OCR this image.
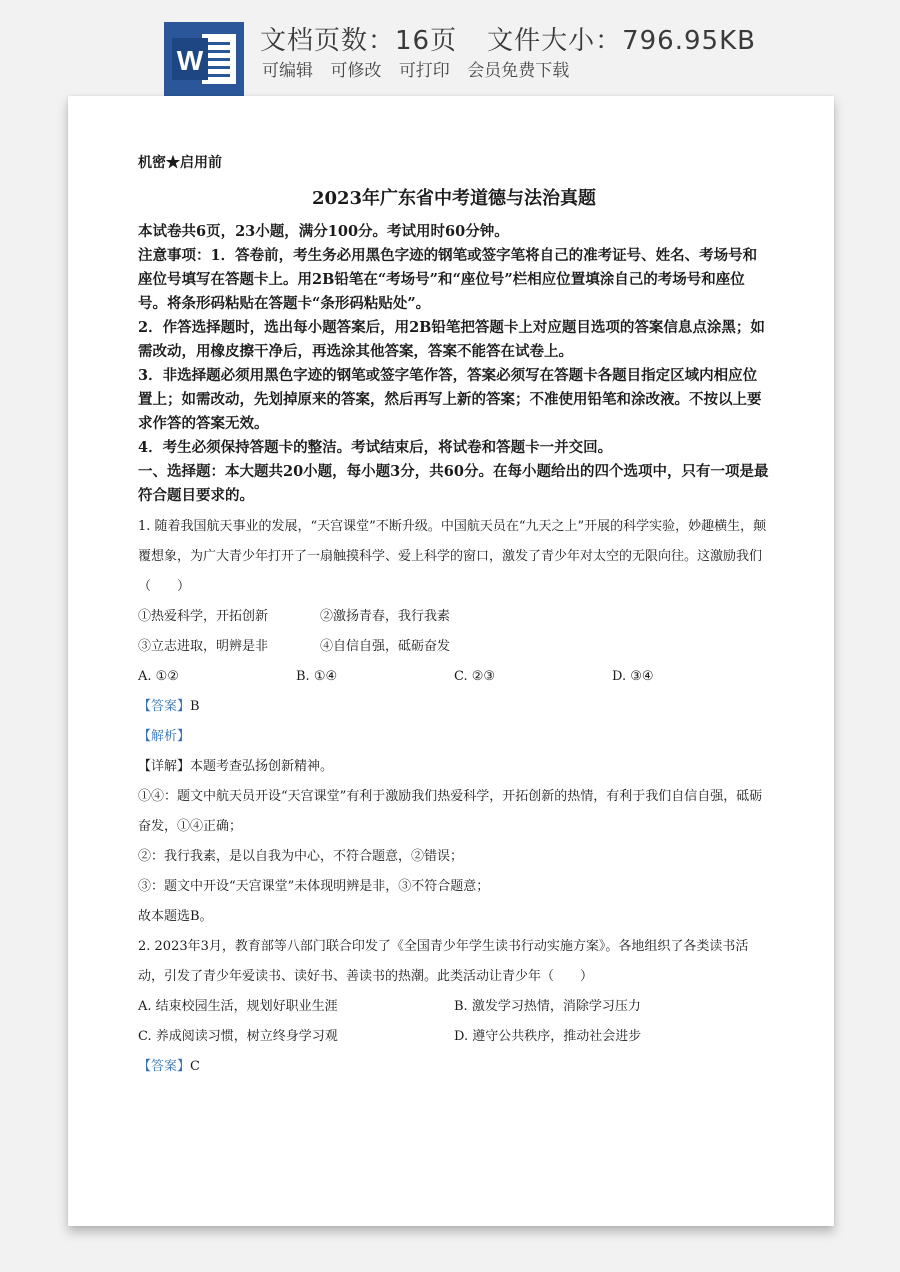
W
文档页数：16页 文件大小：796.95KB
可编辑 可修改 可打印 会员免费下载

机密★启用前

2023年广东省中考道德与法治真题

本试卷共6页，23小题，满分100分。考试用时60分钟。

注意事项：1．答卷前，考生务必用黑色字迹的钢笔或签字笔将自己的准考证号、姓名、考场号和座位号填写在答题卡上。用2B铅笔在“考场号”和“座位号”栏相应位置填涂自己的考场号和座位号。将条形码粘贴在答题卡“条形码粘贴处”。

2．作答选择题时，选出每小题答案后，用2B铅笔把答题卡上对应题目选项的答案信息点涂黑；如需改动，用橡皮擦干净后，再选涂其他答案，答案不能答在试卷上。

3．非选择题必须用黑色字迹的钢笔或签字笔作答，答案必须写在答题卡各题目指定区域内相应位置上；如需改动，先划掉原来的答案，然后再写上新的答案；不准使用铅笔和涂改液。不按以上要求作答的答案无效。

4．考生必须保持答题卡的整洁。考试结束后，将试卷和答题卡一并交回。

一、选择题：本大题共20小题，每小题3分，共60分。在每小题给出的四个选项中，只有一项是最符合题目要求的。

1. 随着我国航天事业的发展，“天宫课堂”不断升级。中国航天员在“九天之上”开展的科学实验，妙趣横生，颠覆想象，为广大青少年打开了一扇触摸科学、爱上科学的窗口，激发了青少年对太空的无限向往。这激励我们（　　）

①热爱科学，开拓创新	②激扬青春，我行我素
③立志进取，明辨是非	④自信自强，砥砺奋发
A. ①②	B. ①④	C. ②③	D. ③④

【答案】B

【解析】

【详解】本题考查弘扬创新精神。

①④：题文中航天员开设“天宫课堂”有利于激励我们热爱科学，开拓创新的热情，有利于我们自信自强，砥砺奋发，①④正确；

②：我行我素，是以自我为中心，不符合题意，②错误；

③：题文中开设“天宫课堂”未体现明辨是非，③不符合题意；

故本题选B。

2. 2023年3月，教育部等八部门联合印发了《全国青少年学生读书行动实施方案》。各地组织了各类读书活动，引发了青少年爱读书、读好书、善读书的热潮。此类活动让青少年（　　）

A. 结束校园生活，规划好职业生涯	B. 激发学习热情，消除学习压力
C. 养成阅读习惯，树立终身学习观	D. 遵守公共秩序，推动社会进步

【答案】C
